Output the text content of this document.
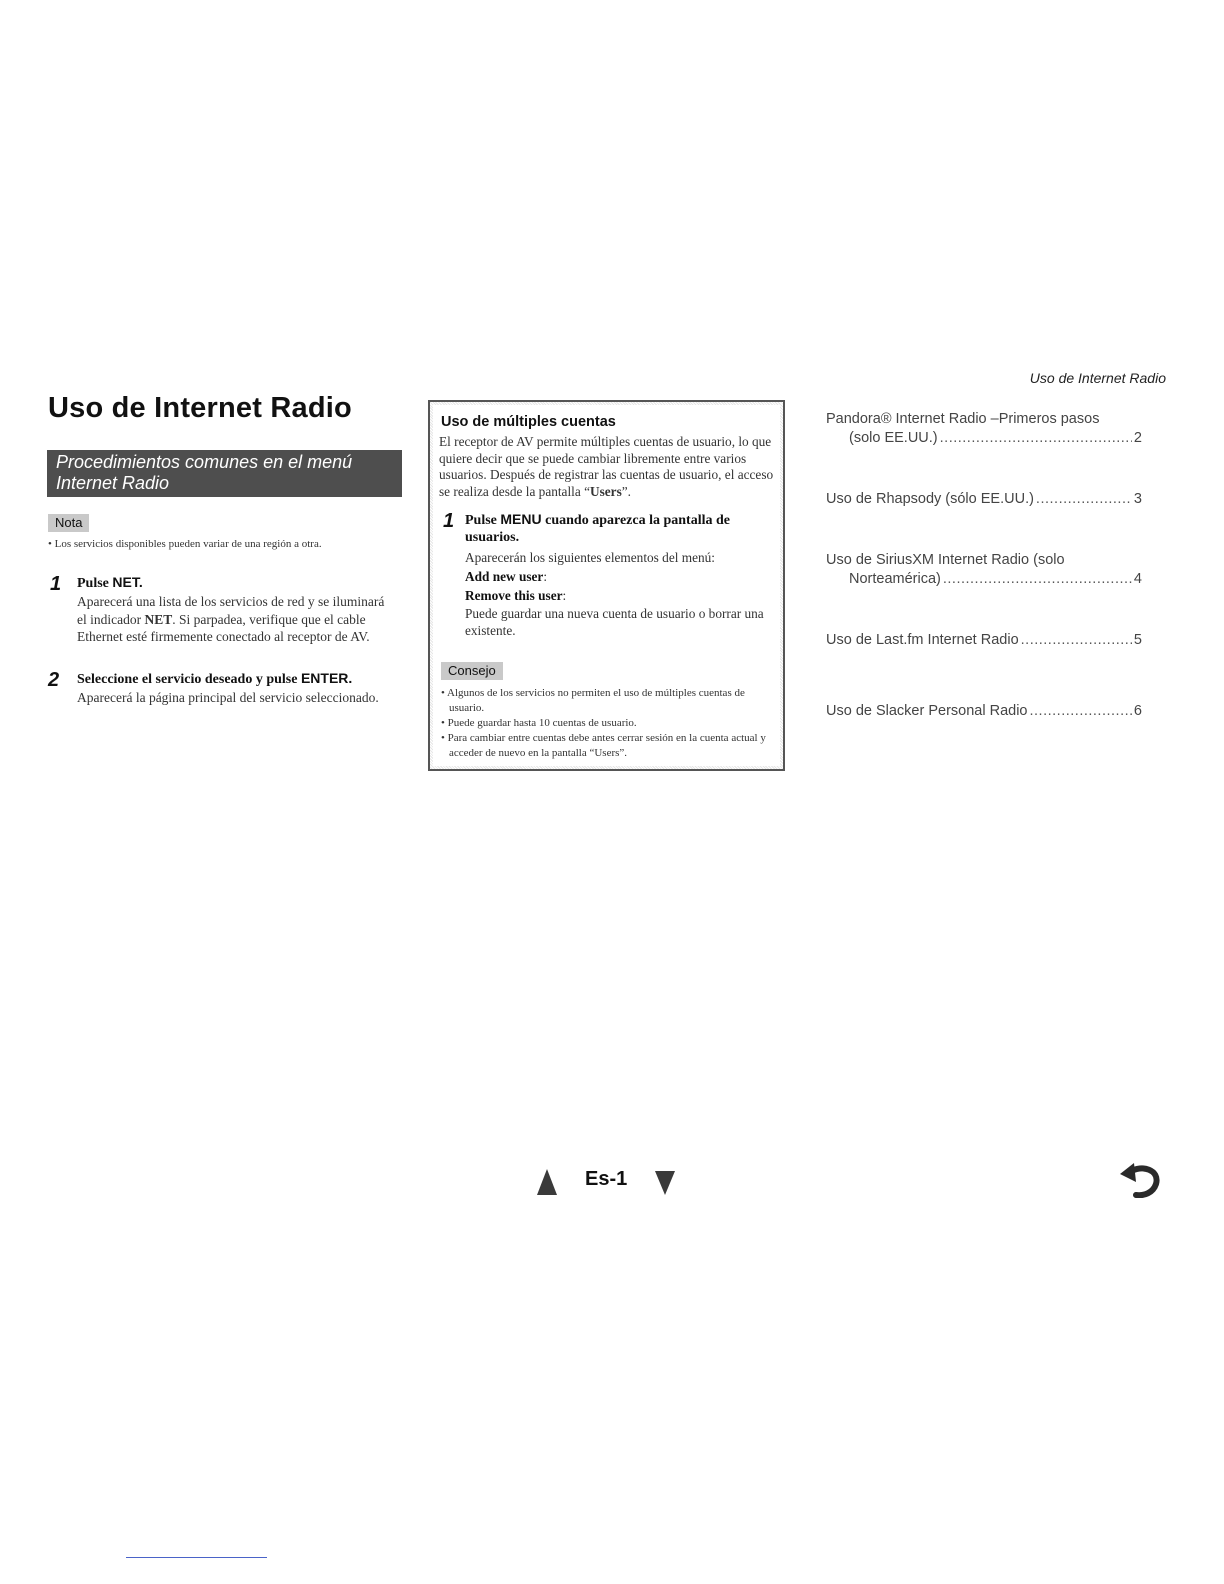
Uso de Internet Radio
Uso de Internet Radio
Procedimientos comunes en el menú
Internet Radio
Nota
• Los servicios disponibles pueden variar de una región a otra.
1 Pulse NET.
Aparecerá una lista de los servicios de red y se iluminará el indicador NET. Si parpadea, verifique que el cable Ethernet esté firmemente conectado al receptor de AV.
2 Seleccione el servicio deseado y pulse ENTER.
Aparecerá la página principal del servicio seleccionado.
Uso de múltiples cuentas
El receptor de AV permite múltiples cuentas de usuario, lo que quiere decir que se puede cambiar libremente entre varios usuarios. Después de registrar las cuentas de usuario, el acceso se realiza desde la pantalla “Users”.
1 Pulse MENU cuando aparezca la pantalla de usuarios.
Aparecerán los siguientes elementos del menú:
Add new user:
Remove this user:
Puede guardar una nueva cuenta de usuario o borrar una existente.
Consejo
• Algunos de los servicios no permiten el uso de múltiples cuentas de usuario.
• Puede guardar hasta 10 cuentas de usuario.
• Para cambiar entre cuentas debe antes cerrar sesión en la cuenta actual y acceder de nuevo en la pantalla “Users”.
Pandora® Internet Radio –Primeros pasos
(solo EE.UU.) .....	2
Uso de Rhapsody (sólo EE.UU.) .....	3
Uso de SiriusXM Internet Radio (solo
Norteamérica) .....	4
Uso de Last.fm Internet Radio .....	5
Uso de Slacker Personal Radio .....	6
Es-1
